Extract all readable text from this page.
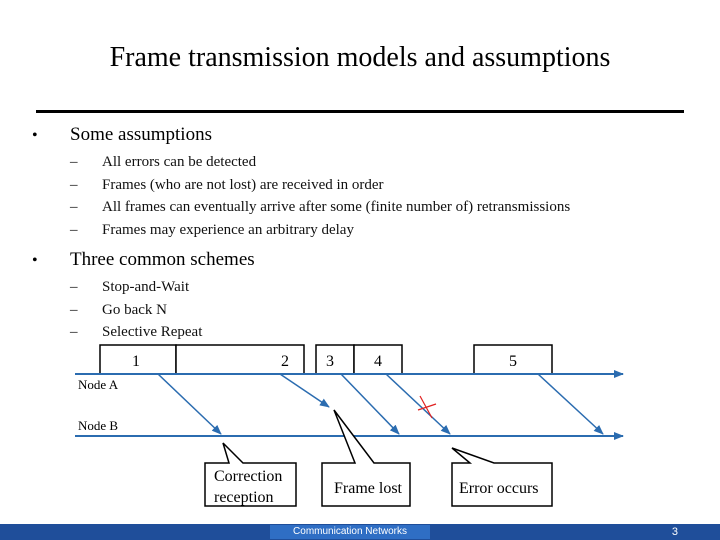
Frame transmission models and assumptions
•	Some assumptions
–	All errors can be detected
–	Frames (who are not lost) are received in order
–	All frames can eventually arrive after some (finite number of) retransmissions
–	Frames may experience an arbitrary delay
•	Three common schemes
–	Stop-and-Wait
–	Go back N
–	Selective Repeat
1	2 3	4	5
Node A
Node B
Correction
reception
Frame lost	Error occurs
Communication Networks	3
